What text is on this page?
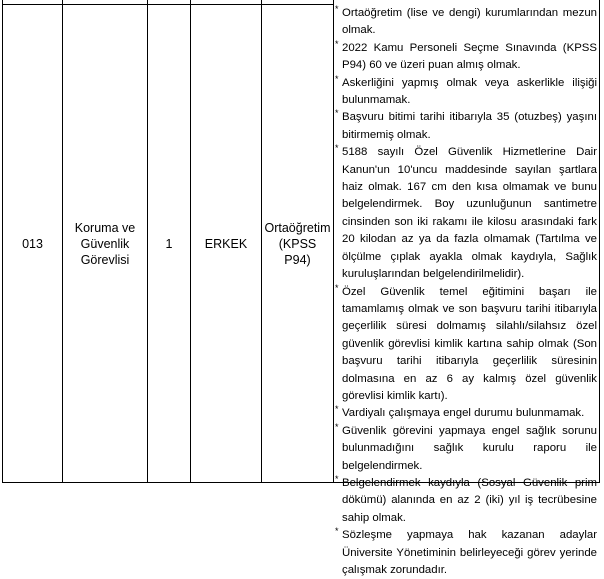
013
Koruma ve Güvenlik Görevlisi
1	ERKEK
Ortaöğretim (KPSS P94)
* Ortaöğretim (lise ve dengi) kurumlarından mezun olmak.
* 2022 Kamu Personeli Seçme Sınavında (KPSS P94) 60 ve üzeri puan almış olmak.
* Askerliğini yapmış olmak veya askerlikle ilişiği bulunmamak.
* Başvuru bitimi tarihi itibarıyla 35 (otuzbeş) yaşını bitirmemiş olmak.
* 5188 sayılı Özel Güvenlik Hizmetlerine Dair Kanun'un 10'uncu maddesinde sayılan şartlara haiz olmak. 167 cm den kısa olmamak ve bunu belgelendirmek. Boy uzunluğunun santimetre cinsinden son iki rakamı ile kilosu arasındaki fark 20 kilodan az ya da fazla olmamak (Tartılma ve ölçülme çıplak ayakla olmak kaydıyla, Sağlık kuruluşlarından belgelendirilmelidir).
* Özel Güvenlik temel eğitimini başarı ile tamamlamış olmak ve son başvuru tarihi itibarıyla geçerlilik süresi dolmamış silahlı/silahsız özel güvenlik görevlisi kimlik kartına sahip olmak (Son başvuru tarihi itibarıyla geçerlilik süresinin dolmasına en az 6 ay kalmış özel güvenlik görevlisi kimlik kartı).
* Vardiyalı çalışmaya engel durumu bulunmamak.
* Güvenlik görevini yapmaya engel sağlık sorunu bulunmadığını sağlık kurulu raporu ile belgelendirmek.
* Belgelendirmek kaydıyla (Sosyal Güvenlik prim dökümü) alanında en az 2 (iki) yıl iş tecrübesine sahip olmak.
* Sözleşme yapmaya hak kazanan adaylar Üniversite Yönetiminin belirleyeceği görev yerinde çalışmak zorundadır.
